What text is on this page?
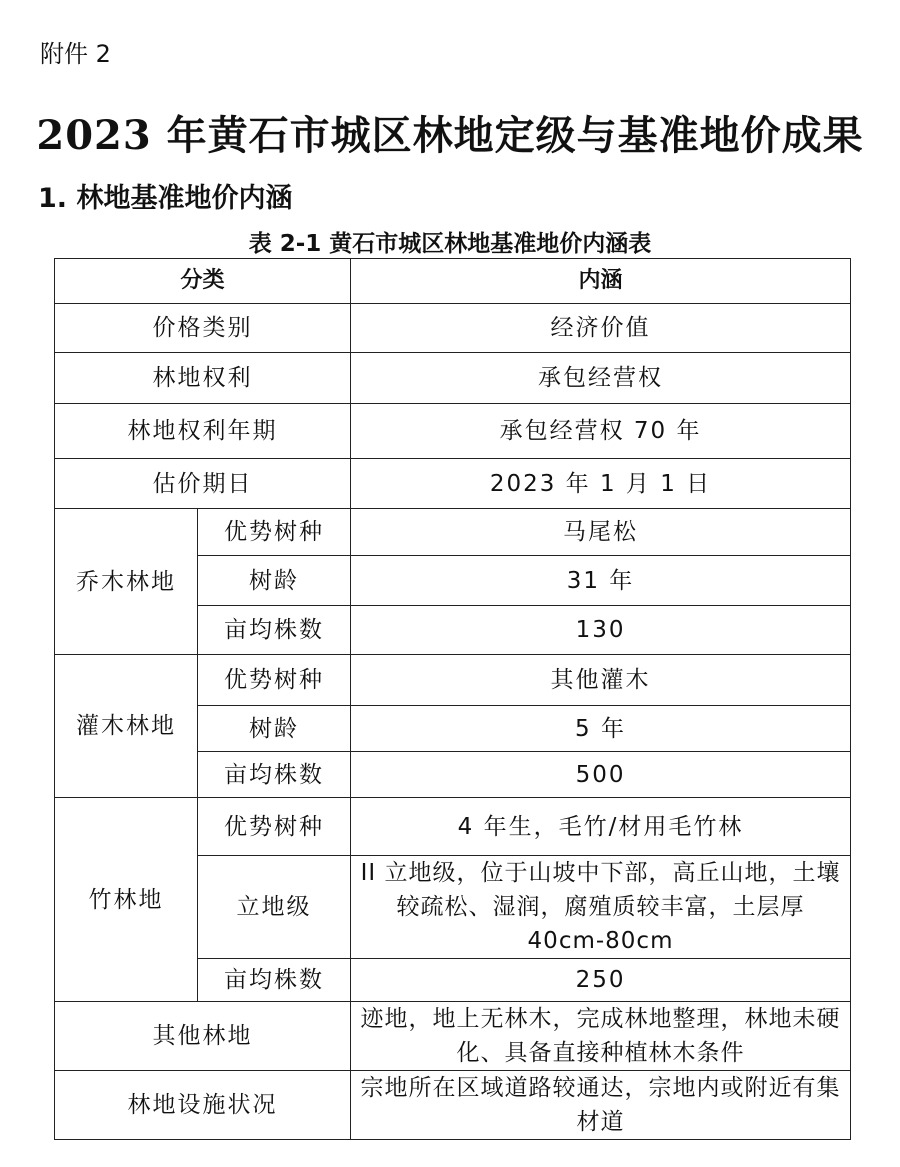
附件 2
2023 年黄石市城区林地定级与基准地价成果
1. 林地基准地价内涵
表 2-1 黄石市城区林地基准地价内涵表
分类		内涵
价格类别		经济价值
林地权利		承包经营权
林地权利年期		承包经营权 70 年
估价期日		2023 年 1 月 1 日
乔木林地	优势树种	马尾松
	树龄	31 年
	亩均株数	130
灌木林地	优势树种	其他灌木
	树龄	5 年
	亩均株数	500
竹林地	优势树种	4 年生，毛竹/材用毛竹林
	立地级	II 立地级，位于山坡中下部，高丘山地，土壤较疏松、湿润，腐殖质较丰富，土层厚 40cm-80cm
	亩均株数	250
其他林地		迹地，地上无林木，完成林地整理，林地未硬化、具备直接种植林木条件
林地设施状况		宗地所在区域道路较通达，宗地内或附近有集材道
